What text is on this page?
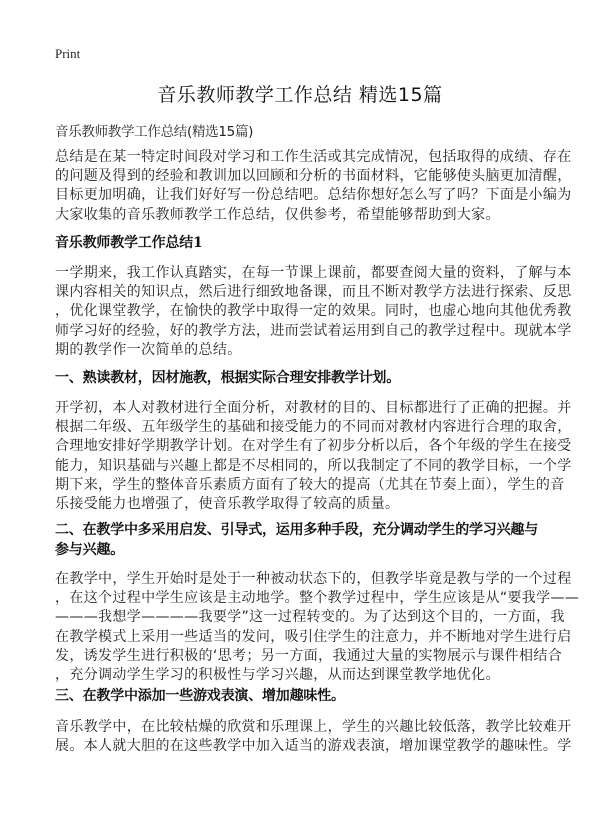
Print
音乐教师教学工作总结 精选15篇
音乐教师教学工作总结(精选15篇)
总结是在某一特定时间段对学习和工作生活或其完成情况，包括取得的成绩、存在
的问题及得到的经验和教训加以回顾和分析的书面材料，它能够使头脑更加清醒，
目标更加明确，让我们好好写一份总结吧。总结你想好怎么写了吗？下面是小编为
大家收集的音乐教师教学工作总结，仅供参考，希望能够帮助到大家。
音乐教师教学工作总结1
一学期来，我工作认真踏实，在每一节课上课前，都要查阅大量的资料，了解与本
课内容相关的知识点，然后进行细致地备课，而且不断对教学方法进行探索、反思
，优化课堂教学，在愉快的教学中取得一定的效果。同时，也虚心地向其他优秀教
师学习好的经验，好的教学方法，进而尝试着运用到自己的教学过程中。现就本学
期的教学作一次简单的总结。
一、熟读教材，因材施教，根据实际合理安排教学计划。
开学初，本人对教材进行全面分析，对教材的目的、目标都进行了正确的把握。并
根据二年级、五年级学生的基础和接受能力的不同而对教材内容进行合理的取舍，
合理地安排好学期教学计划。在对学生有了初步分析以后，各个年级的学生在接受
能力，知识基础与兴趣上都是不尽相同的，所以我制定了不同的教学目标，一个学
期下来，学生的整体音乐素质方面有了较大的提高（尤其在节奏上面），学生的音
乐接受能力也增强了，使音乐教学取得了较高的质量。
二、在教学中多采用启发、引导式，运用多种手段，充分调动学生的学习兴趣与
参与兴趣。
在教学中，学生开始时是处于一种被动状态下的，但教学毕竟是教与学的一个过程
，在这个过程中学生应该是主动地学。整个教学过程中，学生应该是从“要我学——
———我想学————我要学”这一过程转变的。为了达到这个目的，一方面，我
在教学模式上采用一些适当的发问，吸引住学生的注意力，并不断地对学生进行启
发，诱发学生进行积极的‘思考；另一方面，我通过大量的实物展示与课件相结合
，充分调动学生学习的积极性与学习兴趣，从而达到课堂教学地优化。
三、在教学中添加一些游戏表演、增加趣味性。
音乐教学中，在比较枯燥的欣赏和乐理课上，学生的兴趣比较低落，教学比较难开
展。本人就大胆的在这些教学中加入适当的游戏表演，增加课堂教学的趣味性。学
